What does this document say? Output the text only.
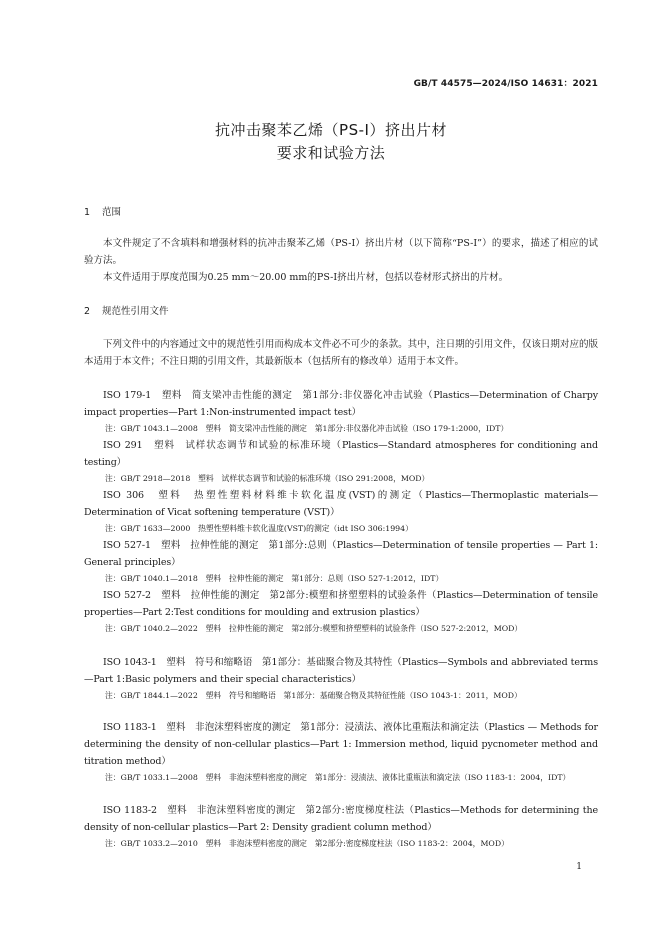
GB/T 44575—2024/ISO 14631：2021
抗冲击聚苯乙烯（PS-I）挤出片材
要求和试验方法
1 范围

本文件规定了不含填料和增强材料的抗冲击聚苯乙烯（PS-I）挤出片材（以下简称“PS-I”）的要求，描述了相应的试验方法。

本文件适用于厚度范围为0.25 mm～20.00 mm的PS-I挤出片材，包括以卷材形式挤出的片材。

2 规范性引用文件

下列文件中的内容通过文中的规范性引用而构成本文件必不可少的条款。其中，注日期的引用文件，仅该日期对应的版本适用于本文件；不注日期的引用文件，其最新版本（包括所有的修改单）适用于本文件。

ISO 179-1　塑料　简支梁冲击性能的测定　第1部分:非仪器化冲击试验（Plastics—Determination of Charpy impact properties—Part 1:Non-instrumented impact test）

注：GB/T 1043.1—2008　塑料　简支梁冲击性能的测定　第1部分:非仪器化冲击试验（ISO 179-1:2000，IDT）

ISO 291　塑料　试样状态调节和试验的标准环境（Plastics—Standard atmospheres for conditioning and testing）

注：GB/T 2918—2018　塑料　试样状态调节和试验的标准环境（ISO 291:2008，MOD）

ISO 306　塑料　热塑性塑料材料维卡软化温度(VST)的测定（Plastics—Thermoplastic materials—Determination of Vicat softening temperature (VST)）

注：GB/T 1633—2000　热塑性塑料维卡软化温度(VST)的测定（idt ISO 306:1994）

ISO 527-1　塑料　拉伸性能的测定　第1部分:总则（Plastics—Determination of tensile properties — Part 1: General principles）

注：GB/T 1040.1—2018　塑料　拉伸性能的测定　第1部分：总则（ISO 527-1:2012，IDT）

ISO 527-2　塑料　拉伸性能的测定　第2部分:模塑和挤塑塑料的试验条件（Plastics—Determination of tensile properties—Part 2:Test conditions for moulding and extrusion plastics）

注：GB/T 1040.2—2022　塑料　拉伸性能的测定　第2部分:模塑和挤塑塑料的试验条件（ISO 527-2:2012，MOD）

ISO 1043-1　塑料　符号和缩略语　第1部分：基础聚合物及其特性（Plastics—Symbols and abbreviated terms—Part 1:Basic polymers and their special characteristics）

注：GB/T 1844.1—2022　塑料　符号和缩略语　第1部分：基础聚合物及其特征性能（ISO 1043-1：2011，MOD）

ISO 1183-1　塑料　非泡沫塑料密度的测定　第1部分：浸渍法、液体比重瓶法和滴定法（Plastics — Methods for determining the density of non-cellular plastics—Part 1: Immersion method, liquid pycnometer method and titration method）

注：GB/T 1033.1—2008　塑料　非泡沫塑料密度的测定　第1部分：浸渍法、液体比重瓶法和滴定法（ISO 1183-1：2004，IDT）

ISO 1183-2　塑料　非泡沫塑料密度的测定　第2部分:密度梯度柱法（Plastics—Methods for determining the density of non-cellular plastics—Part 2: Density gradient column method）

注：GB/T 1033.2—2010　塑料　非泡沫塑料密度的测定　第2部分:密度梯度柱法（ISO 1183-2：2004，MOD）

1
